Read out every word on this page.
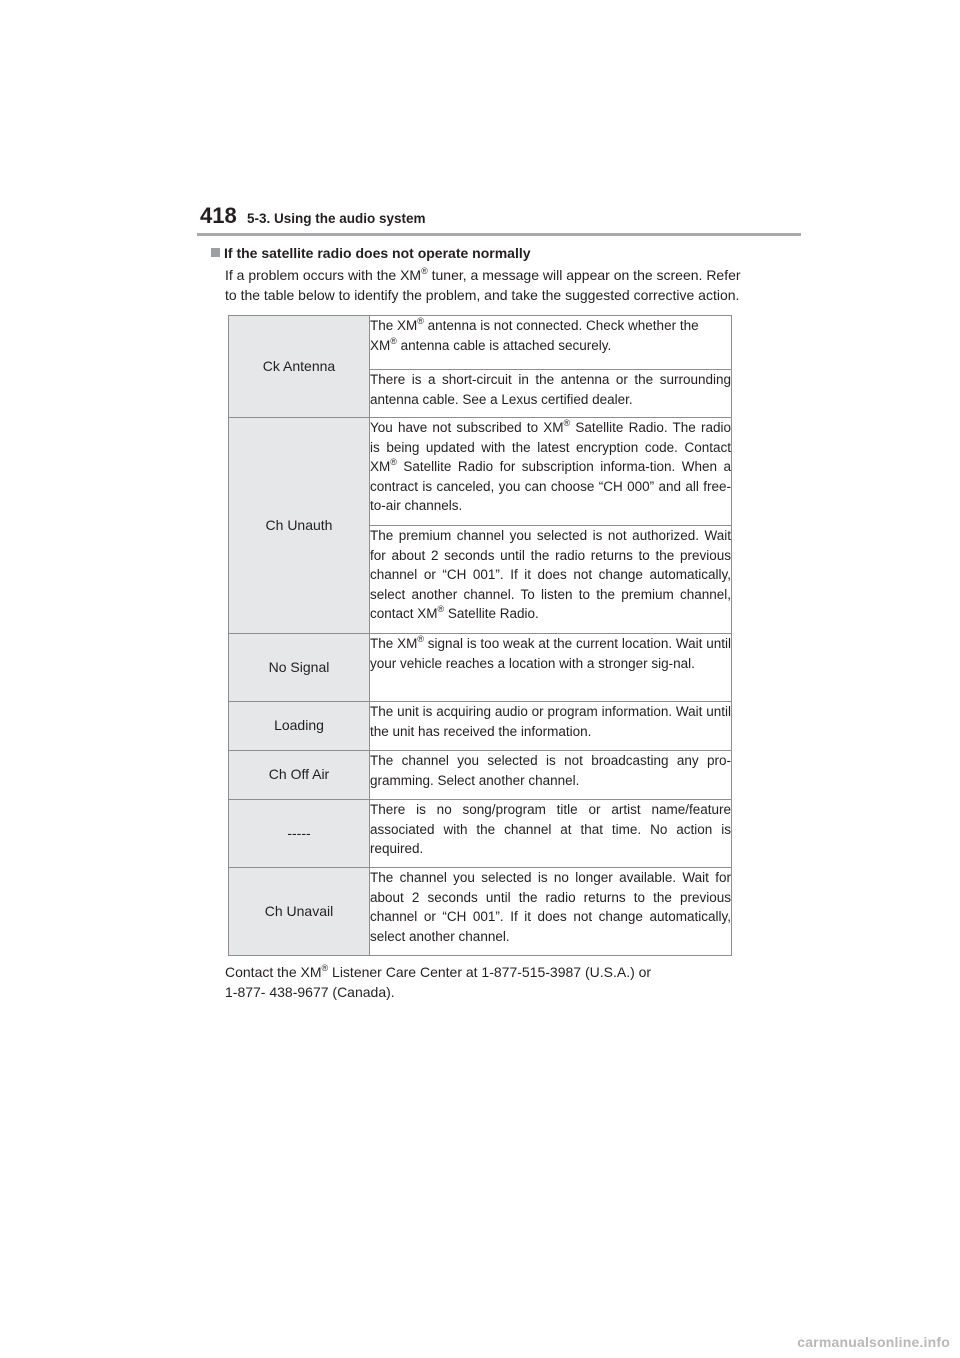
418 5-3. Using the audio system
If the satellite radio does not operate normally

If a problem occurs with the XM® tuner, a message will appear on the screen. Refer

to the table below to identify the problem, and take the suggested corrective action.

Ck Antenna	The XM® antenna is not connected. Check whether the
XM® antenna cable is attached securely.
	There is a short-circuit in the antenna or the surrounding antenna cable. See a Lexus certified dealer.
Ch Unauth	You have not subscribed to XM® Satellite Radio. The radio is being updated with the latest encryption code. Contact XM® Satellite Radio for subscription informa-tion. When a contract is canceled, you can choose “CH 000” and all free-to-air channels.
	The premium channel you selected is not authorized. Wait for about 2 seconds until the radio returns to the previous channel or “CH 001”. If it does not change automatically, select another channel. To listen to the premium channel, contact XM® Satellite Radio.
No Signal	The XM® signal is too weak at the current location. Wait until your vehicle reaches a location with a stronger sig-nal.
Loading	The unit is acquiring audio or program information. Wait until the unit has received the information.
Ch Off Air	The channel you selected is not broadcasting any pro-gramming. Select another channel.
-----	There is no song/program title or artist name/feature associated with the channel at that time. No action is required.
Ch Unavail	The channel you selected is no longer available. Wait for about 2 seconds until the radio returns to the previous channel or “CH 001”. If it does not change automatically, select another channel.

Contact the XM® Listener Care Center at 1-877-515-3987 (U.S.A.) or

1-877- 438-9677 (Canada).

carmanualsonline.info
